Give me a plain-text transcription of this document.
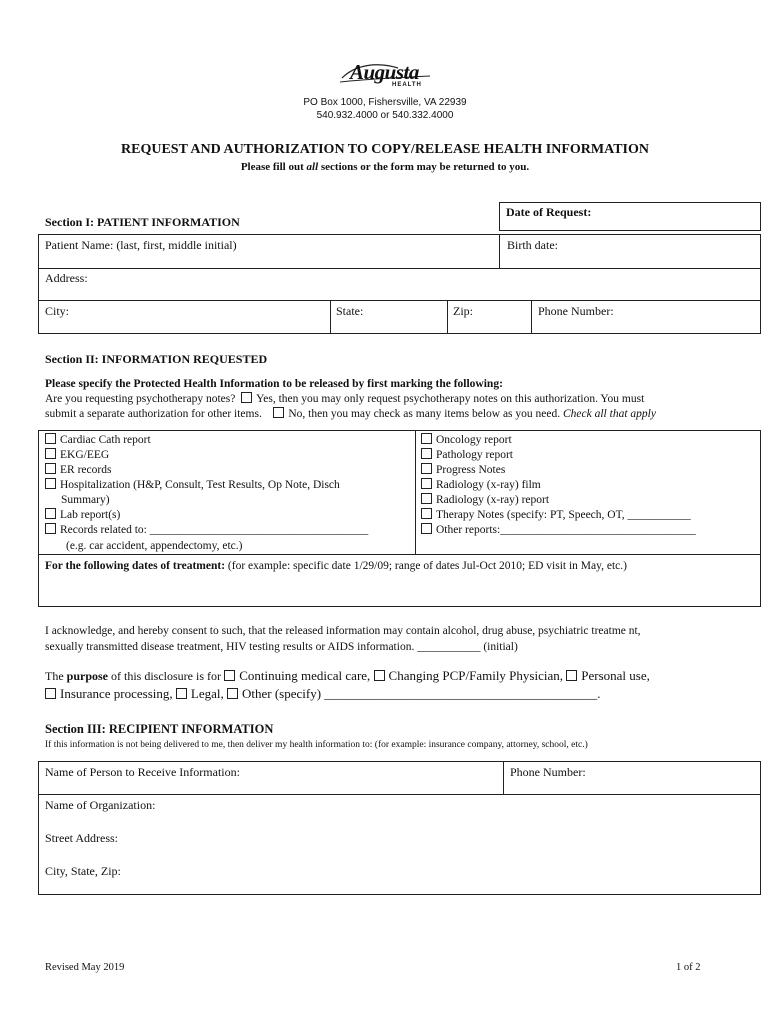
Augusta
HEALTH
PO Box 1000, Fishersville, VA 22939
540.932.4000 or 540.332.4000
REQUEST AND AUTHORIZATION TO COPY/RELEASE HEALTH INFORMATION
Please fill out all sections or the form may be returned to you.
Date of Request:
Section I: PATIENT INFORMATION
Patient Name: (last, first, middle initial)	Birth date:
Address:
City:	State:	Zip:	Phone Number:
Section II: INFORMATION REQUESTED
Please specify the Protected Health Information to be released by first marking the following:
Are you requesting psychotherapy notes? Yes, then you may only request psychotherapy notes on this authorization. You must
submit a separate authorization for other items. No, then you may check as many items below as you need. Check all that apply
Cardiac Cath report
EKG/EEG
ER records
Hospitalization (H&P, Consult, Test Results, Op Note, Disch
Summary)
Lab report(s)
Records related to: ______________________________________
(e.g. car accident, appendectomy, etc.)
Oncology report
Pathology report
Progress Notes
Radiology (x-ray) film
Radiology (x-ray) report
Therapy Notes (specify: PT, Speech, OT, ___________
Other reports:__________________________________
For the following dates of treatment: (for example: specific date 1/29/09; range of dates Jul-Oct 2010; ED visit in May, etc.)
I acknowledge, and hereby consent to such, that the released information may contain alcohol, drug abuse, psychiatric treatme nt,
sexually transmitted disease treatment, HIV testing results or AIDS information. ___________ (initial)
The purpose of this disclosure is for Continuing medical care, Changing PCP/Family Physician, Personal use,
Insurance processing, Legal, Other (specify) __________________________________________.
Section III: RECIPIENT INFORMATION
If this information is not being delivered to me, then deliver my health information to: (for example: insurance company, attorney, school, etc.)
Name of Person to Receive Information:	Phone Number:
Name of Organization:
Street Address:
City, State, Zip:
Revised May 2019	1 of 2
